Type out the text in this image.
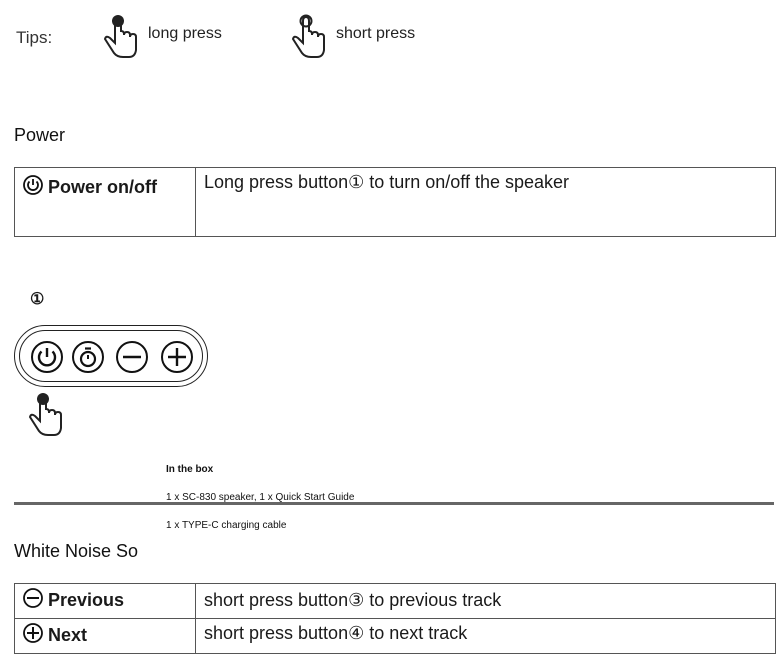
Tips:	long press	short press
Power
Power on/off	Long press button① to turn on/off the speaker
①
In the box
1 x SC-830 speaker, 1 x Quick Start Guide
1 x TYPE-C charging cable
White Noise So
Previous	short press button③ to previous track
Next	short press button④ to next track
